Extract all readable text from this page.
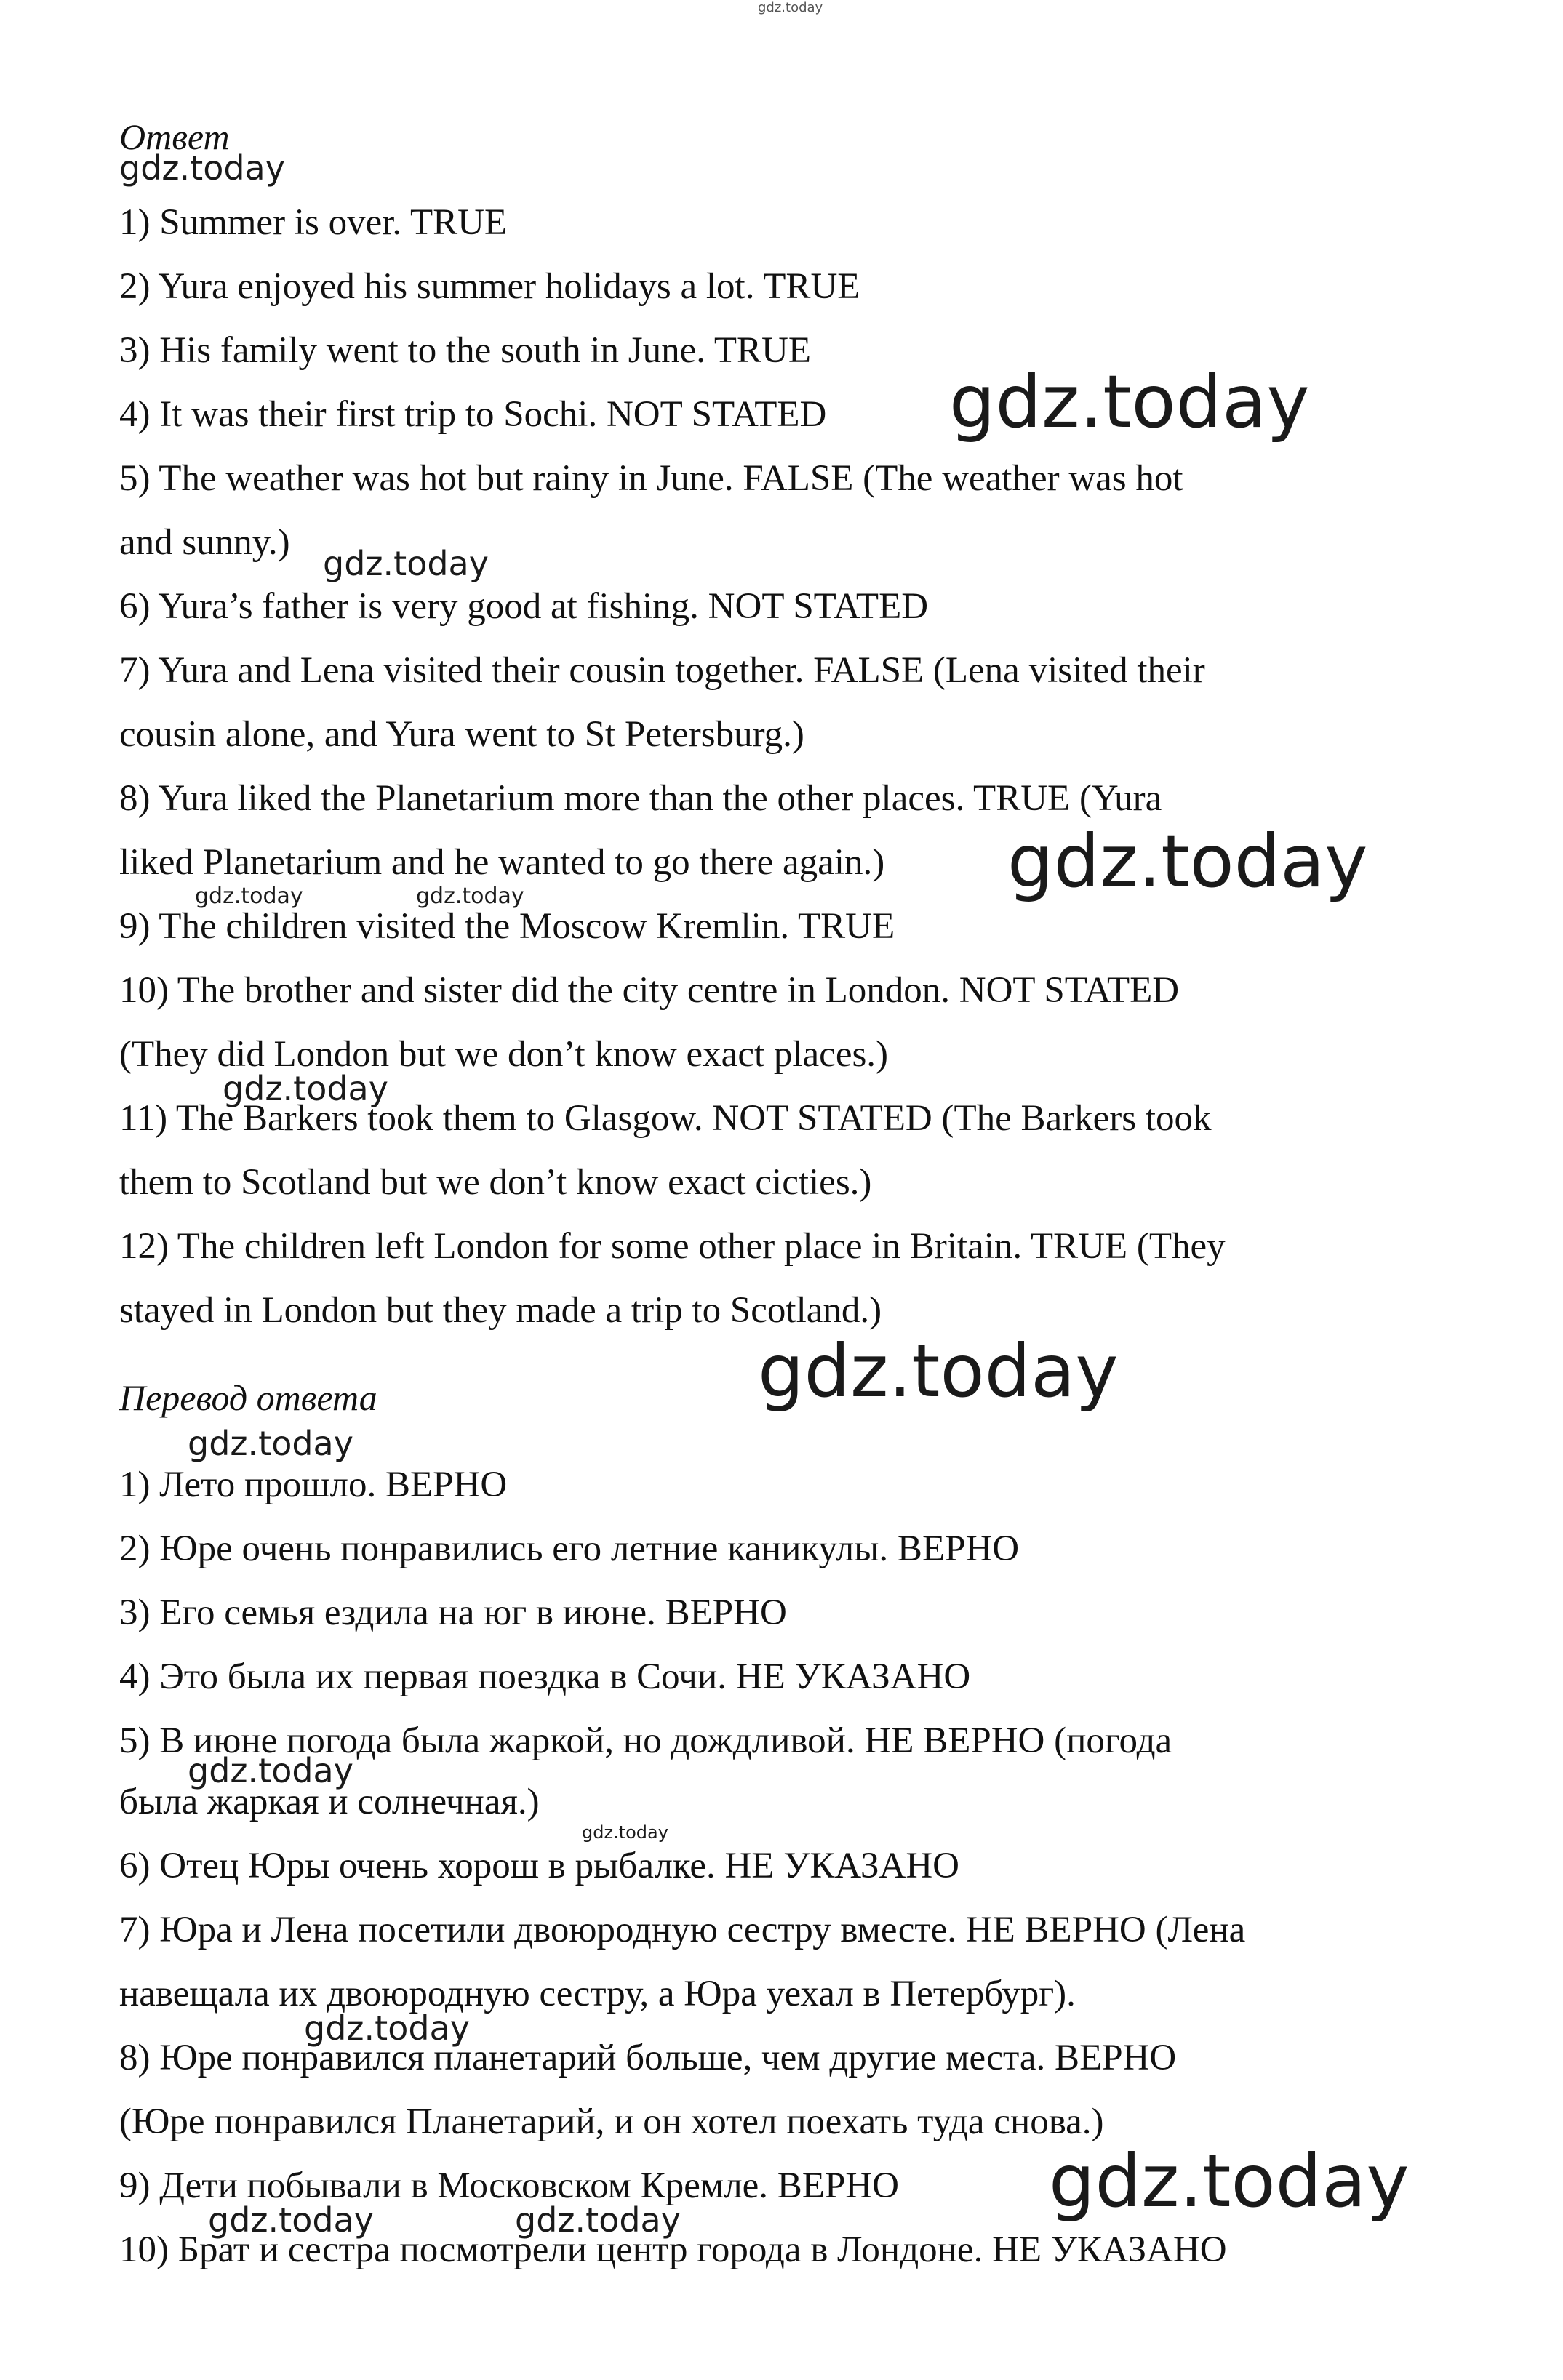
gdz.today
Ответ
gdz.today
1) Summer is over. TRUE
2) Yura enjoyed his summer holidays a lot. TRUE
3) His family went to the south in June. TRUE
4) It was their first trip to Sochi. NOT STATED gdz.today
5) The weather was hot but rainy in June. FALSE (The weather was hot
and sunny.)
gdz.today
6) Yura’s father is very good at fishing. NOT STATED
7) Yura and Lena visited their cousin together. FALSE (Lena visited their
cousin alone, and Yura went to St Petersburg.)
8) Yura liked the Planetarium more than the other places. TRUE (Yura
liked Planetarium and he wanted to go there again.) gdz.today
gdz.today	gdz.today
9) The children visited the Moscow Kremlin. TRUE
10) The brother and sister did the city centre in London. NOT STATED
(They did London but we don’t know exact places.)
gdz.today
11) The Barkers took them to Glasgow. NOT STATED (The Barkers took
them to Scotland but we don’t know exact cicties.)
12) The children left London for some other place in Britain. TRUE (They
stayed in London but they made a trip to Scotland.)
gdz.today
Перевод ответа
gdz.today
1) Лето прошло. ВЕРНО
2) Юре очень понравились его летние каникулы. ВЕРНО
3) Его семья ездила на юг в июне. ВЕРНО
4) Это была их первая поездка в Сочи. НЕ УКАЗАНО
5) В июне погода была жаркой, но дождливой. НЕ ВЕРНО (погода
gdz.today
была жаркая и солнечная.)
gdz.today
6) Отец Юры очень хорош в рыбалке. НЕ УКАЗАНО
7) Юра и Лена посетили двоюродную сестру вместе. НЕ ВЕРНО (Лена
навещала их двоюродную сестру, а Юра уехал в Петербург).
gdz.today
8) Юре понравился планетарий больше, чем другие места. ВЕРНО
(Юре понравился Планетарий, и он хотел поехать туда снова.)
9) Дети побывали в Московском Кремле. ВЕРНО gdz.today
gdz.today	gdz.today
10) Брат и сестра посмотрели центр города в Лондоне. НЕ УКАЗАНО
